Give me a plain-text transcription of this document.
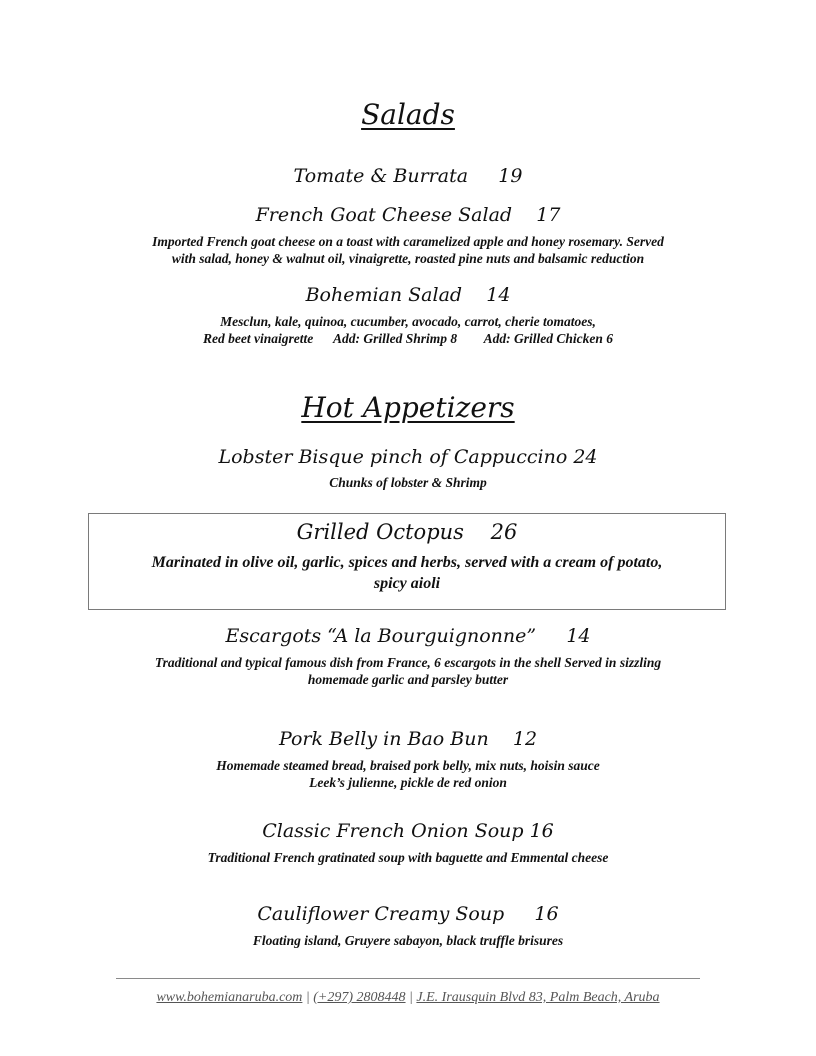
Salads
Tomate & Burrata     19
French Goat Cheese Salad    17
Imported French goat cheese on a toast with caramelized apple and honey rosemary. Served
with salad, honey & walnut oil, vinaigrette, roasted pine nuts and balsamic reduction
Bohemian Salad    14
Mesclun, kale, quinoa, cucumber, avocado, carrot, cherie tomatoes,
Red beet vinaigrette      Add: Grilled Shrimp 8        Add: Grilled Chicken 6
Hot Appetizers
Lobster Bisque pinch of Cappuccino 24
Chunks of lobster & Shrimp
Grilled Octopus    26
Marinated in olive oil, garlic, spices and herbs, served with a cream of potato,
spicy aioli
Escargots “A la Bourguignonne”     14
Traditional and typical famous dish from France, 6 escargots in the shell Served in sizzling
homemade garlic and parsley butter
Pork Belly in Bao Bun    12
Homemade steamed bread, braised pork belly, mix nuts, hoisin sauce
Leek’s julienne, pickle de red onion
Classic French Onion Soup 16
Traditional French gratinated soup with baguette and Emmental cheese
Cauliflower Creamy Soup     16
Floating island, Gruyere sabayon, black truffle brisures
www.bohemianaruba.com | (+297) 2808448 | J.E. Irausquin Blvd 83, Palm Beach, Aruba
